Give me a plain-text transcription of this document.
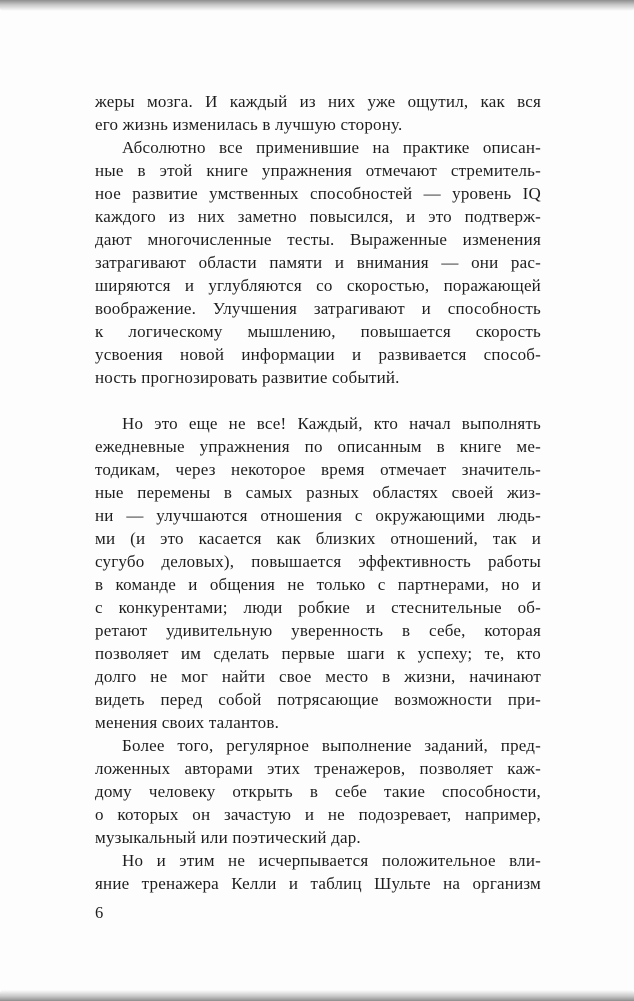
жеры мозга. И каждый из них уже ощутил, как вся
его жизнь изменилась в лучшую сторону.
Абсолютно все применившие на практике описан-
ные в этой книге упражнения отмечают стремитель-
ное развитие умственных способностей — уровень IQ
каждого из них заметно повысился, и это подтверж-
дают многочисленные тесты. Выраженные изменения
затрагивают области памяти и внимания — они рас-
ширяются и углубляются со скоростью, поражающей
воображение. Улучшения затрагивают и способность
к логическому мышлению, повышается скорость
усвоения новой информации и развивается способ-
ность прогнозировать развитие событий.
Но это еще не все! Каждый, кто начал выполнять
ежедневные упражнения по описанным в книге ме-
тодикам, через некоторое время отмечает значитель-
ные перемены в самых разных областях своей жиз-
ни — улучшаются отношения с окружающими людь-
ми (и это касается как близких отношений, так и
сугубо деловых), повышается эффективность работы
в команде и общения не только с партнерами, но и
с конкурентами; люди робкие и стеснительные об-
ретают удивительную уверенность в себе, которая
позволяет им сделать первые шаги к успеху; те, кто
долго не мог найти свое место в жизни, начинают
видеть перед собой потрясающие возможности при-
менения своих талантов.
Более того, регулярное выполнение заданий, пред-
ложенных авторами этих тренажеров, позволяет каж-
дому человеку открыть в себе такие способности,
о которых он зачастую и не подозревает, например,
музыкальный или поэтический дар.
Но и этим не исчерпывается положительное вли-
яние тренажера Келли и таблиц Шульте на организм
6
